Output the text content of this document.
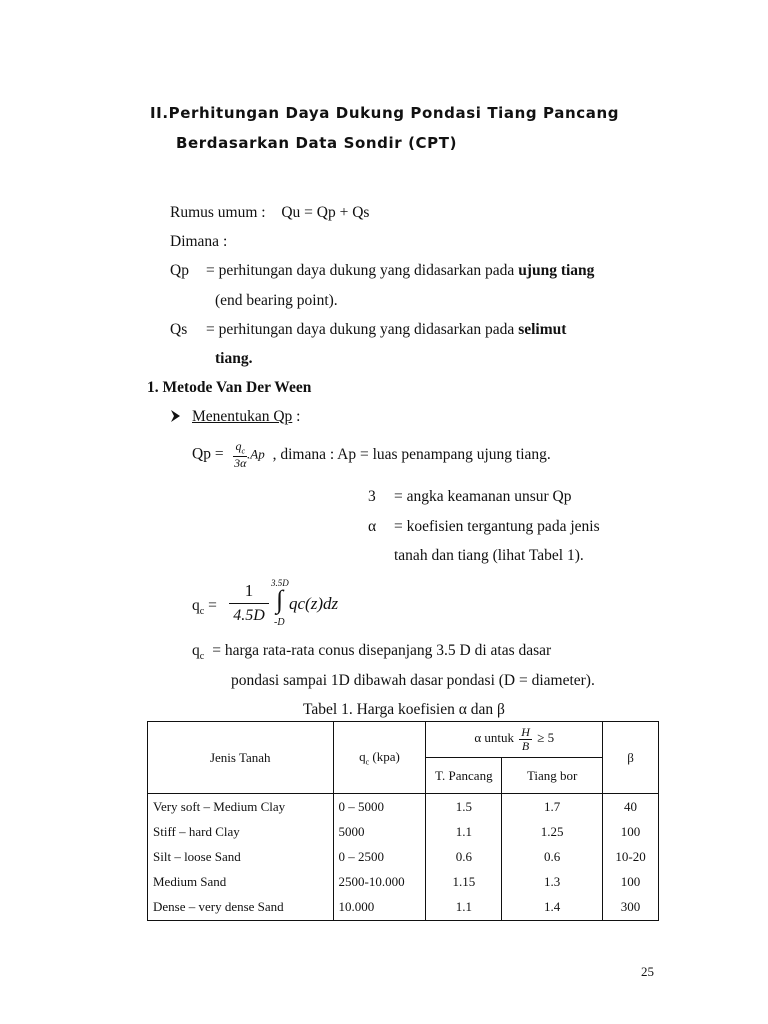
II.Perhitungan Daya Dukung Pondasi Tiang Pancang
Berdasarkan Data Sondir (CPT)
Rumus umum : Qu = Qp + Qs
Dimana :
Qp = perhitungan daya dukung yang didasarkan pada ujung tiang
(end bearing point).
Qs = perhitungan daya dukung yang didasarkan pada selimut
tiang.
1. Metode Van Der Ween
Menentukan Qp :
$Qp = \frac{q_c}{3\alpha} .Ap$ , dimana : Ap = luas penampang ujung tiang.
3 = angka keamanan unsur Qp
α = koefisien tergantung pada jenis
tanah dan tiang (lihat Tabel 1).
$q_c = \frac{1}{4.5D} 3.5D$
∫
-D
qc(z)dz
$q_c$ = harga rata-rata conus disepanjang 3.5 D di atas dasar
pondasi sampai 1D dibawah dasar pondasi (D = diameter).
Tabel 1. Harga koefisien α dan β
Jenis Tanah	$q_c$ (kpa)	α untuk $\frac{H}{B} \ge 5$		β
		T. Pancang	Tiang bor	
Very soft – Medium Clay	0 – 5000	1.5	1.7	40
Stiff – hard Clay	5000	1.1	1.25	100
Silt – loose Sand	0 – 2500	0.6	0.6	10-20
Medium Sand	2500-10.000	1.15	1.3	100
Dense – very dense Sand	10.000	1.1	1.4	300
25
